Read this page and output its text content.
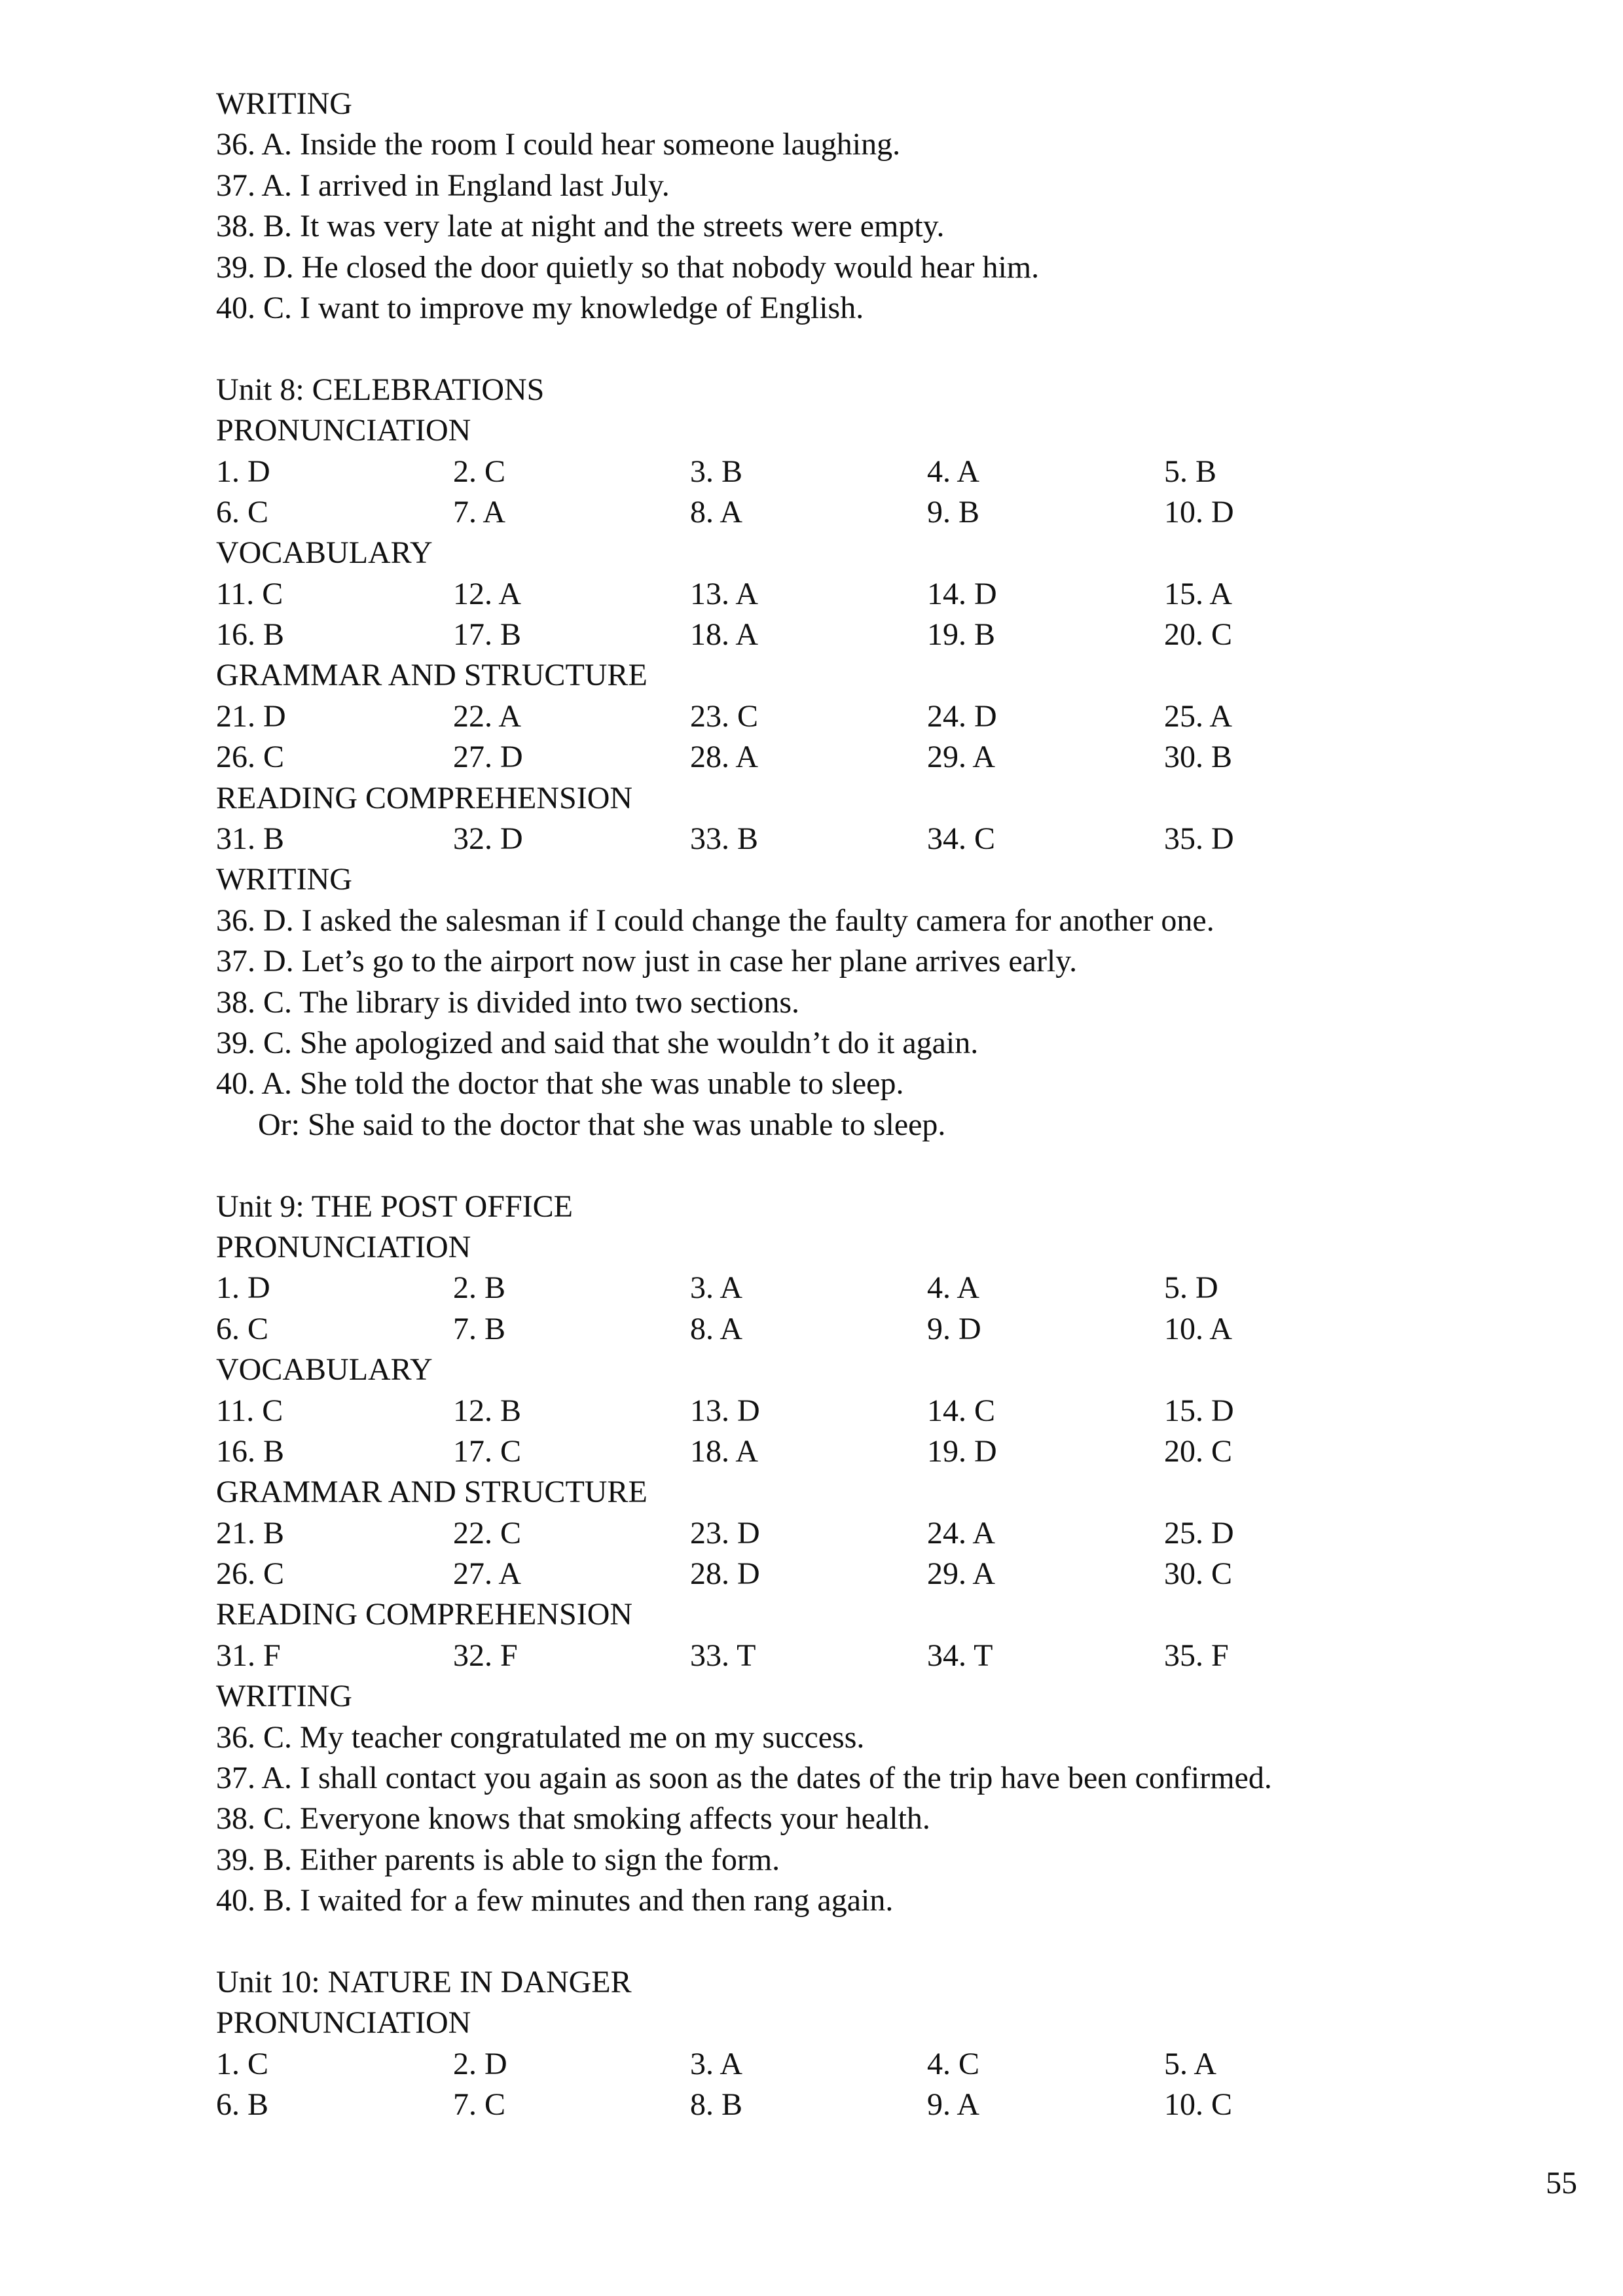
WRITING
36. A. Inside the room I could hear someone laughing.
37. A. I arrived in England last July.
38. B. It was very late at night and the streets were empty.
39. D. He closed the door quietly so that nobody would hear him.
40. C. I want to improve my knowledge of English.
Unit 8: CELEBRATIONS
PRONUNCIATION
1. D	2. C	3. B	4. A	5. B
6. C	7. A	8. A	9. B	10. D
VOCABULARY
11. C	12. A	13. A	14. D	15. A
16. B	17. B	18. A	19. B	20. C
GRAMMAR AND STRUCTURE
21. D	22. A	23. C	24. D	25. A
26. C	27. D	28. A	29. A	30. B
READING COMPREHENSION
31. B	32. D	33. B	34. C	35. D
WRITING
36. D. I asked the salesman if I could change the faulty camera for another one.
37. D. Let’s go to the airport now just in case her plane arrives early.
38. C. The library is divided into two sections.
39. C. She apologized and said that she wouldn’t do it again.
40. A. She told the doctor that she was unable to sleep.
Or: She said to the doctor that she was unable to sleep.
Unit 9: THE POST OFFICE
PRONUNCIATION
1. D	2. B	3. A	4. A	5. D
6. C	7. B	8. A	9. D	10. A
VOCABULARY
11. C	12. B	13. D	14. C	15. D
16. B	17. C	18. A	19. D	20. C
GRAMMAR AND STRUCTURE
21. B	22. C	23. D	24. A	25. D
26. C	27. A	28. D	29. A	30. C
READING COMPREHENSION
31. F	32. F	33. T	34. T	35. F
WRITING
36. C. My teacher congratulated me on my success.
37. A. I shall contact you again as soon as the dates of the trip have been confirmed.
38. C. Everyone knows that smoking affects your health.
39. B. Either parents is able to sign the form.
40. B. I waited for a few minutes and then rang again.
Unit 10: NATURE IN DANGER
PRONUNCIATION
1. C	2. D	3. A	4. C	5. A
6. B	7. C	8. B	9. A	10. C
55
